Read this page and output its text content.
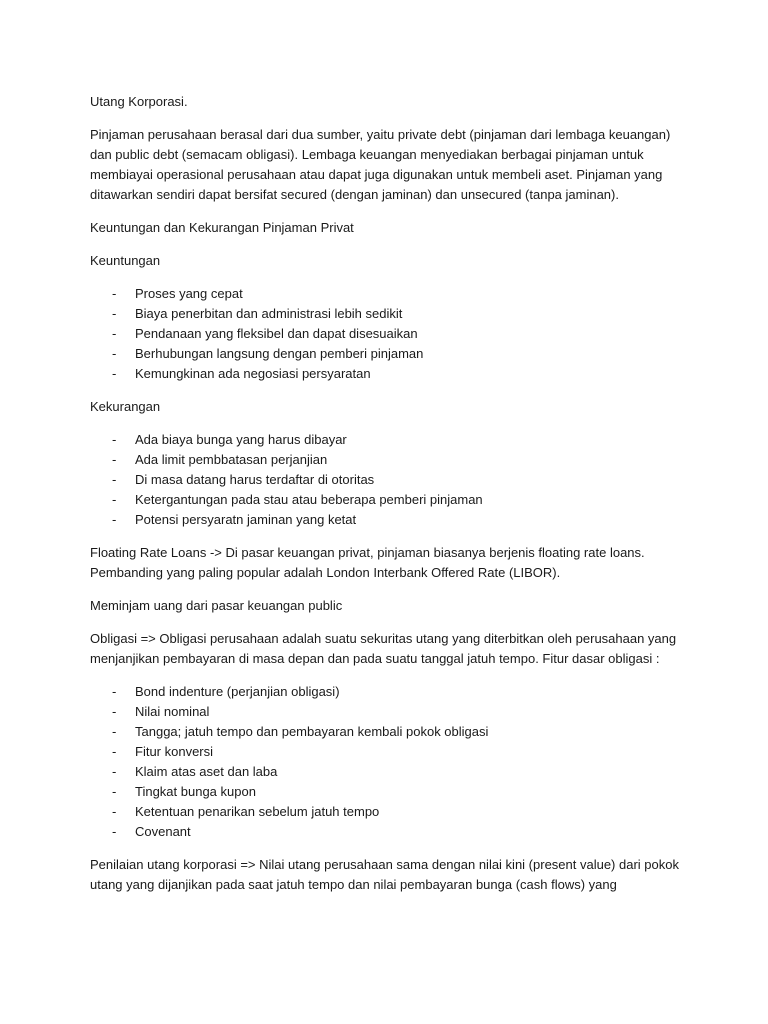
Utang Korporasi.

Pinjaman perusahaan berasal dari dua sumber, yaitu private debt (pinjaman dari lembaga keuangan) dan public debt (semacam obligasi). Lembaga keuangan menyediakan berbagai pinjaman untuk membiayai operasional perusahaan atau dapat juga digunakan untuk membeli aset. Pinjaman yang ditawarkan sendiri dapat bersifat secured (dengan jaminan) dan unsecured (tanpa jaminan).

Keuntungan dan Kekurangan Pinjaman Privat

Keuntungan

- Proses yang cepat
- Biaya penerbitan dan administrasi lebih sedikit
- Pendanaan yang fleksibel dan dapat disesuaikan
- Berhubungan langsung dengan pemberi pinjaman
- Kemungkinan ada negosiasi persyaratan

Kekurangan

- Ada biaya bunga yang harus dibayar
- Ada limit pembbatasan perjanjian
- Di masa datang harus terdaftar di otoritas
- Ketergantungan pada stau atau beberapa pemberi pinjaman
- Potensi persyaratn jaminan yang ketat

Floating Rate Loans -> Di pasar keuangan privat, pinjaman biasanya berjenis floating rate loans. Pembanding yang paling popular adalah London Interbank Offered Rate (LIBOR).

Meminjam uang dari pasar keuangan public

Obligasi => Obligasi perusahaan adalah suatu sekuritas utang yang diterbitkan oleh perusahaan yang menjanjikan pembayaran di masa depan dan pada suatu tanggal jatuh tempo. Fitur dasar obligasi :

- Bond indenture (perjanjian obligasi)
- Nilai nominal
- Tangga; jatuh tempo dan pembayaran kembali pokok obligasi
- Fitur konversi
- Klaim atas aset dan laba
- Tingkat bunga kupon
- Ketentuan penarikan sebelum jatuh tempo
- Covenant

Penilaian utang korporasi => Nilai utang perusahaan sama dengan nilai kini (present value) dari pokok utang yang dijanjikan pada saat jatuh tempo dan nilai pembayaran bunga (cash flows) yang
